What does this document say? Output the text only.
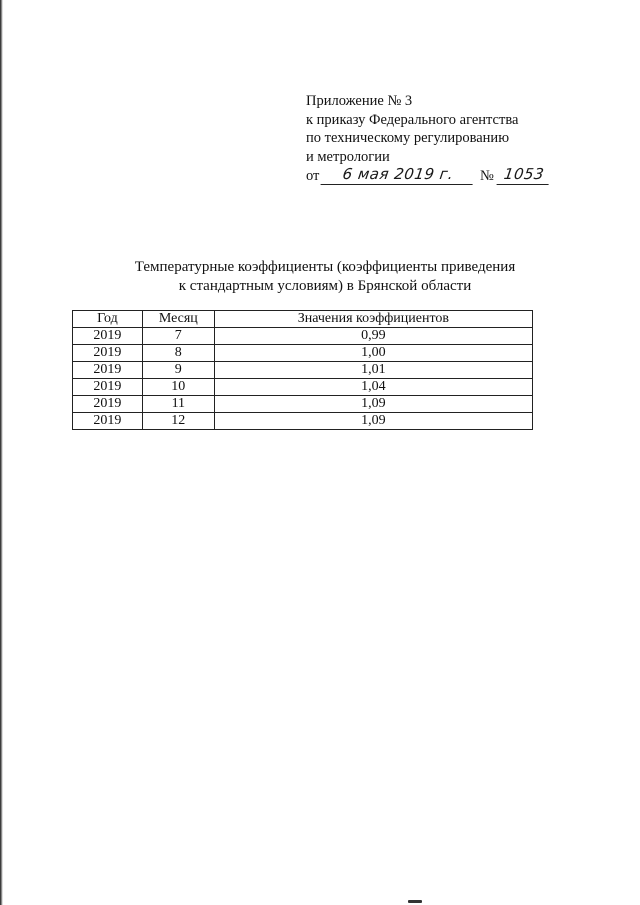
Приложение № 3
к приказу Федерального агентства
по техническому регулированию
и метрологии
от	6 мая 2019 г.	№ 1053
Температурные коэффициенты (коэффициенты приведения
к стандартным условиям) в Брянской области
Год	Месяц	Значения коэффициентов
2019	7	0,99
2019	8	1,00
2019	9	1,01
2019	10	1,04
2019	11	1,09
2019	12	1,09
